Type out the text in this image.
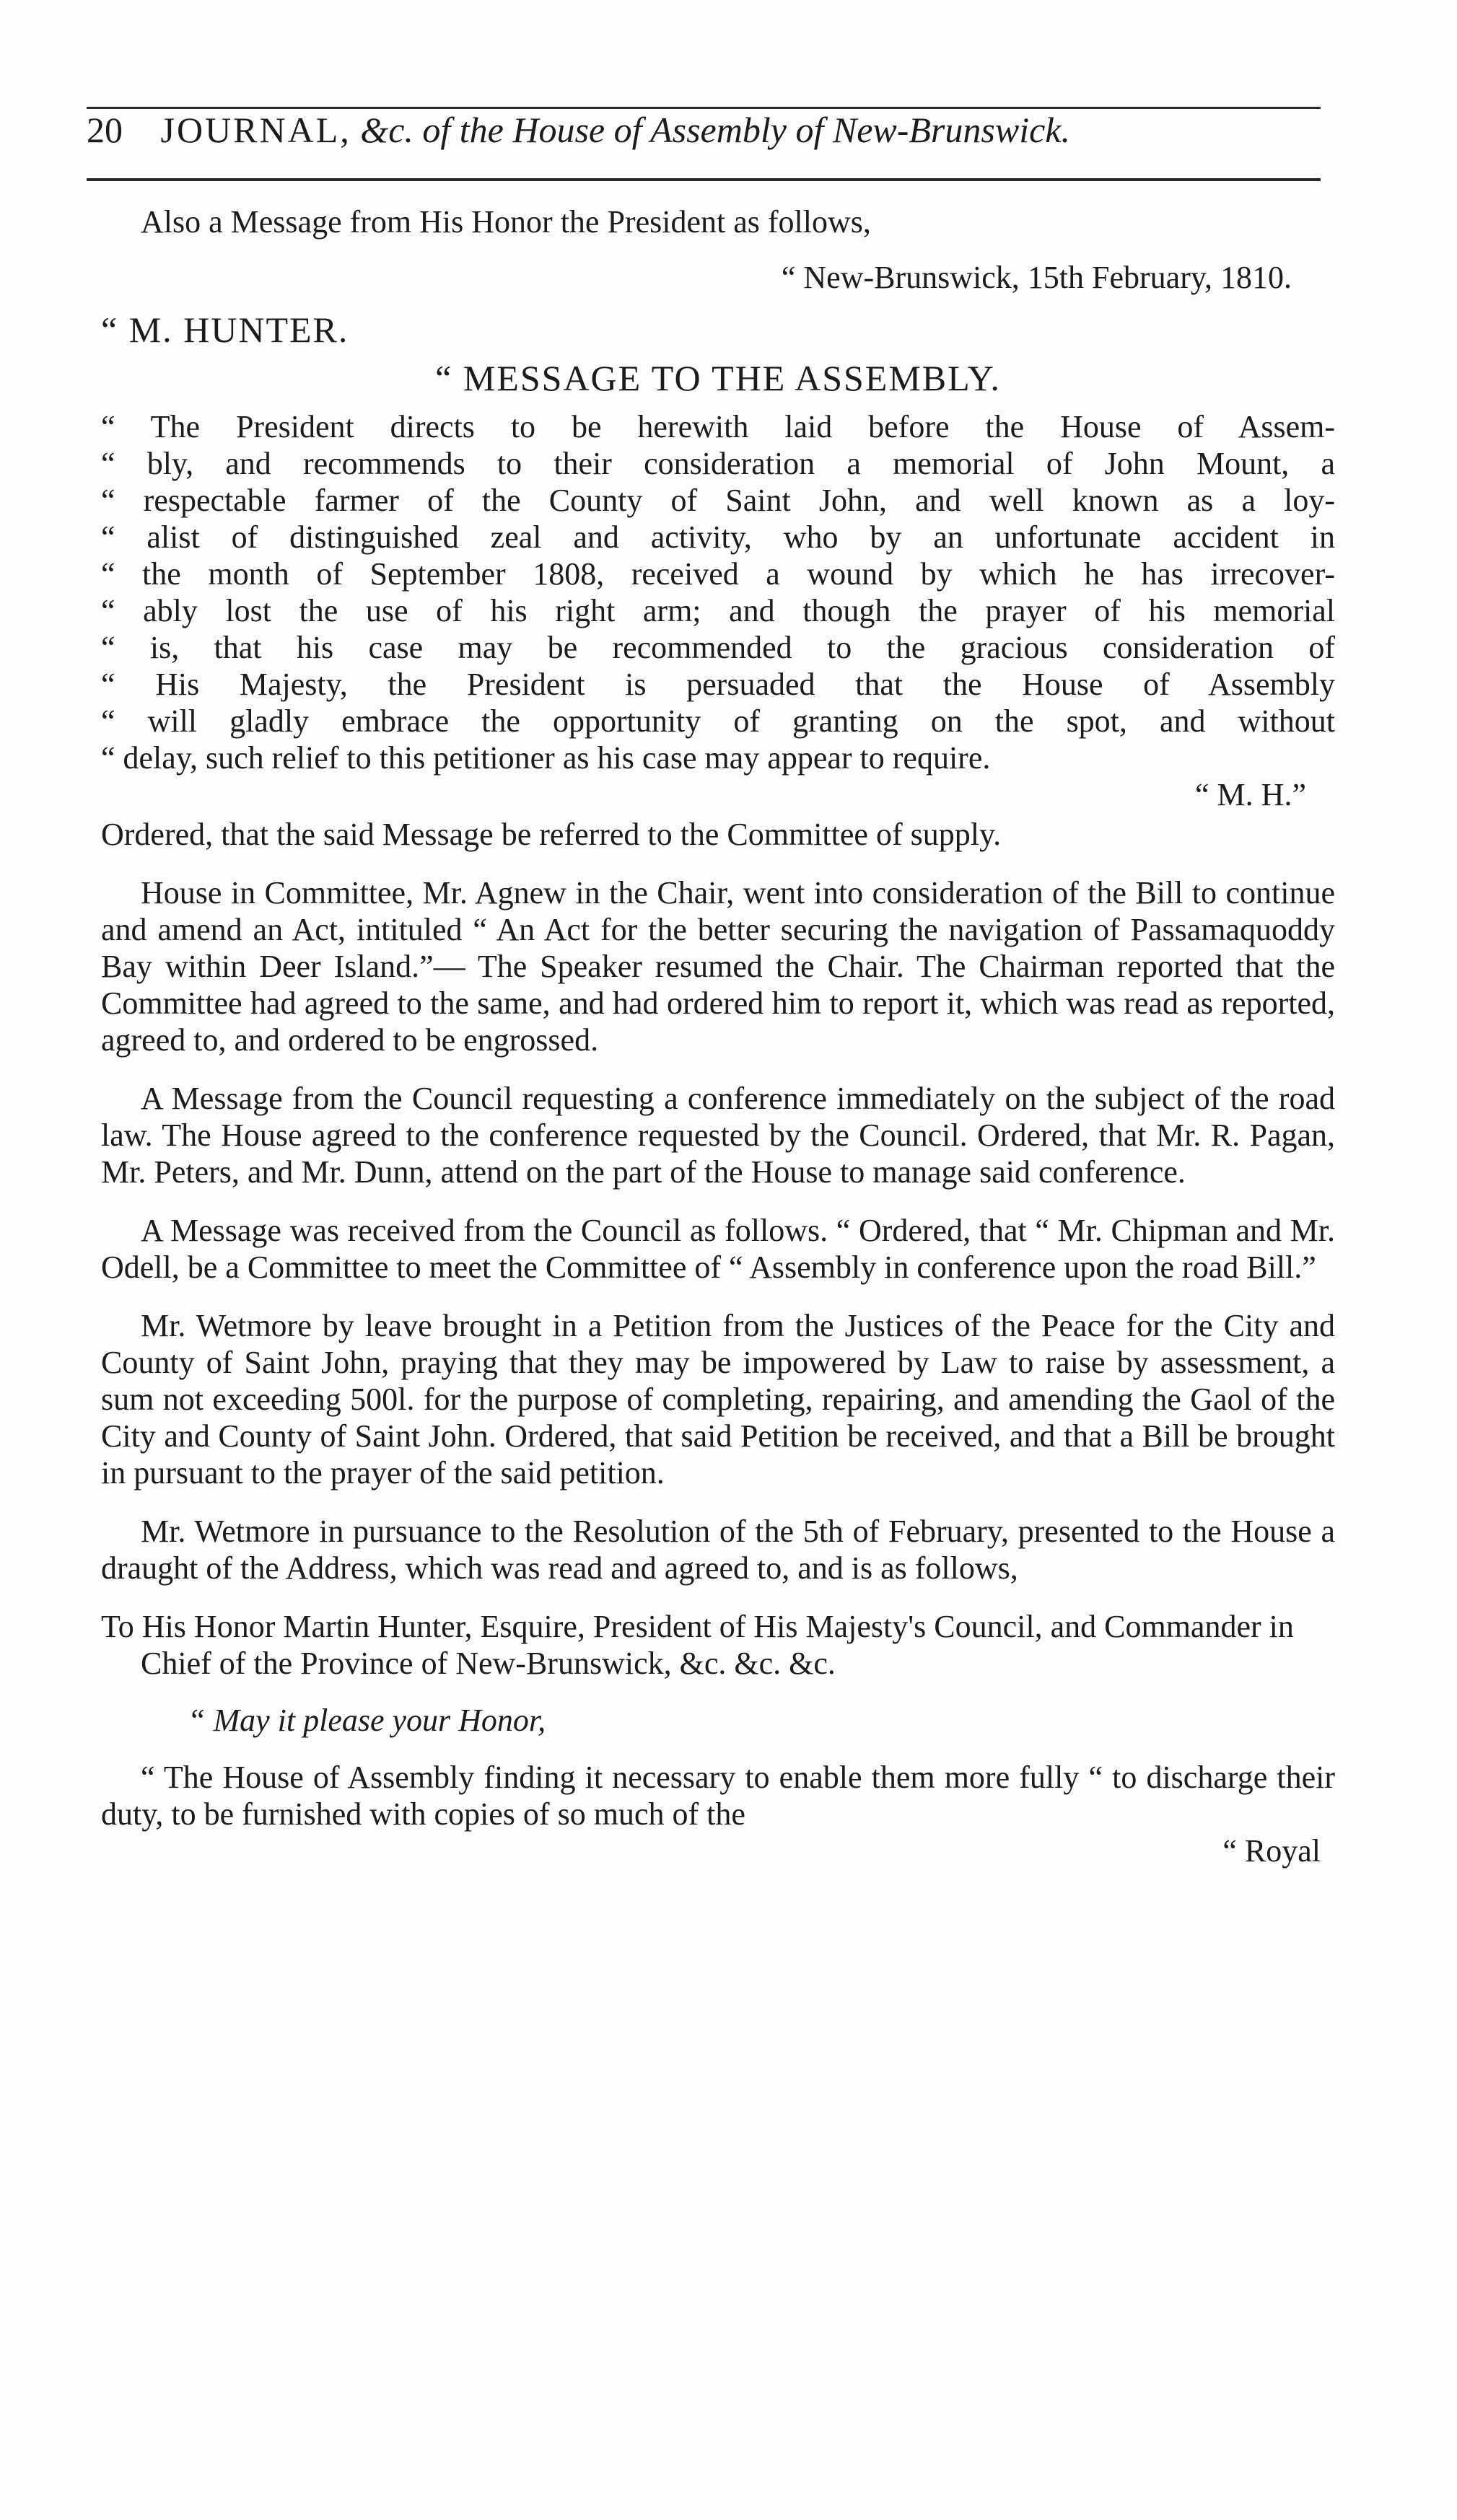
20 JOURNAL, &c. of the House of Assembly of New-Brunswick.

Also a Message from His Honor the President as follows,

“ New-Brunswick, 15th February, 1810.

“ M. HUNTER.

“ MESSAGE TO THE ASSEMBLY.

“ The President directs to be herewith laid before the House of Assem-
“ bly, and recommends to their consideration a memorial of John Mount, a
“ respectable farmer of the County of Saint John, and well known as a loy-
“ alist of distinguished zeal and activity, who by an unfortunate accident in
“ the month of September 1808, received a wound by which he has irrecover-
“ ably lost the use of his right arm; and though the prayer of his memorial
“ is, that his case may be recommended to the gracious consideration of
“ His Majesty, the President is persuaded that the House of Assembly
“ will gladly embrace the opportunity of granting on the spot, and without
“ delay, such relief to this petitioner as his case may appear to require.

“ M. H.”

Ordered, that the said Message be referred to the Committee of supply.

House in Committee, Mr. Agnew in the Chair, went into consideration of the Bill to continue and amend an Act, intituled “ An Act for the better securing the navigation of Passamaquoddy Bay within Deer Island.”— The Speaker resumed the Chair. The Chairman reported that the Committee had agreed to the same, and had ordered him to report it, which was read as reported, agreed to, and ordered to be engrossed.

A Message from the Council requesting a conference immediately on the subject of the road law. The House agreed to the conference requested by the Council. Ordered, that Mr. R. Pagan, Mr. Peters, and Mr. Dunn, attend on the part of the House to manage said conference.

A Message was received from the Council as follows. “ Ordered, that “ Mr. Chipman and Mr. Odell, be a Committee to meet the Committee of “ Assembly in conference upon the road Bill.”

Mr. Wetmore by leave brought in a Petition from the Justices of the Peace for the City and County of Saint John, praying that they may be impowered by Law to raise by assessment, a sum not exceeding 500l. for the purpose of completing, repairing, and amending the Gaol of the City and County of Saint John. Ordered, that said Petition be received, and that a Bill be brought in pursuant to the prayer of the said petition.

Mr. Wetmore in pursuance to the Resolution of the 5th of February, presented to the House a draught of the Address, which was read and agreed to, and is as follows,

To His Honor Martin Hunter, Esquire, President of His Majesty's Council, and Commander in Chief of the Province of New-Brunswick, &c. &c. &c.

“ May it please your Honor,

“ The House of Assembly finding it necessary to enable them more fully “ to discharge their duty, to be furnished with copies of so much of the

“ Royal
